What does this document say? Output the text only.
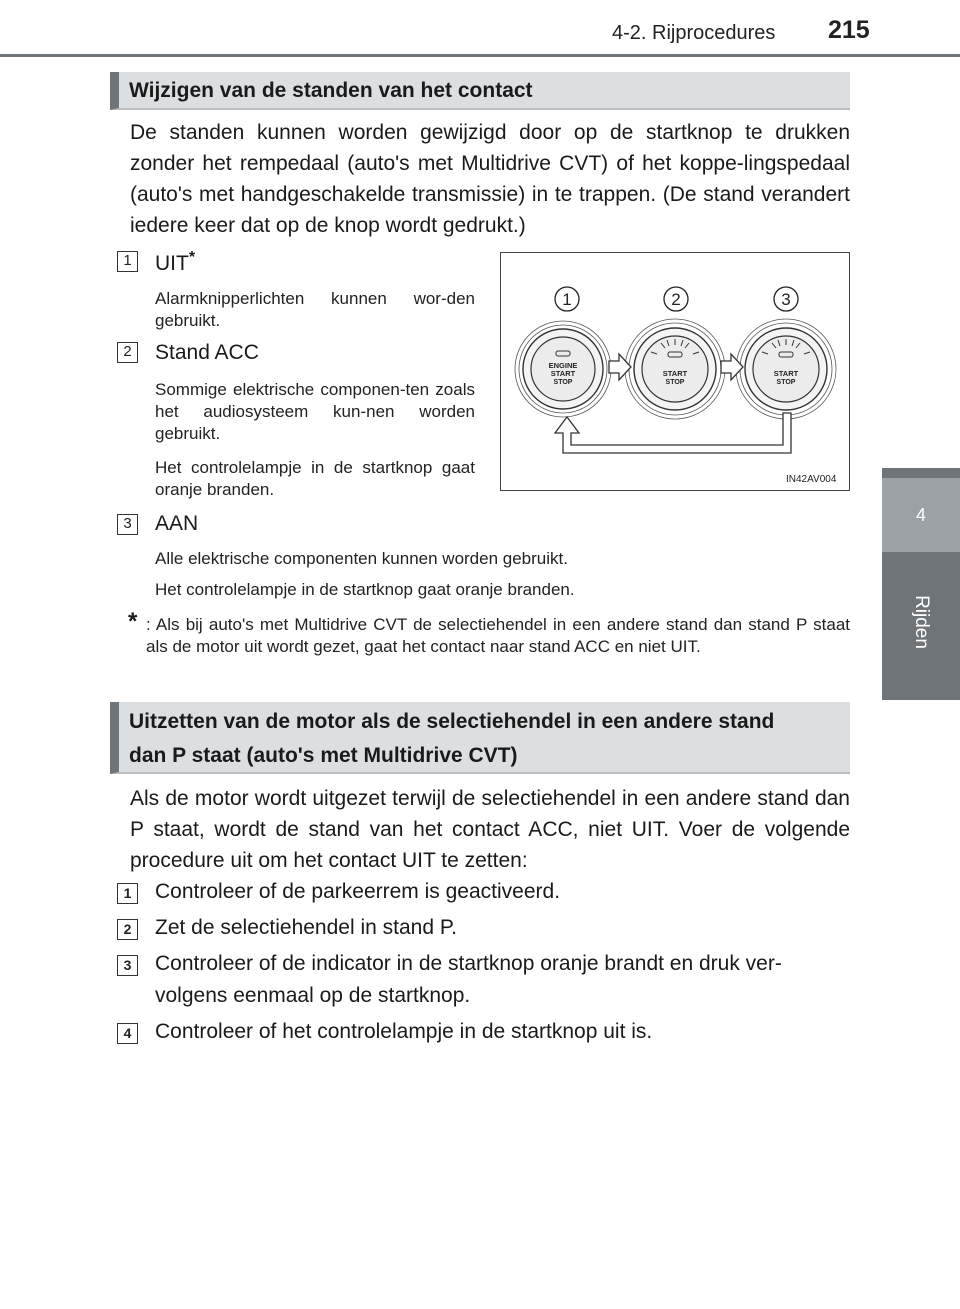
4-2. Rijprocedures 215
4
Rijden
Wijzigen van de standen van het contact
De standen kunnen worden gewijzigd door op de startknop te drukken zonder het rempedaal (auto's met Multidrive CVT) of het koppe-lingspedaal (auto's met handgeschakelde transmissie) in te trappen. (De stand verandert iedere keer dat op de knop wordt gedrukt.)
1	UIT*
Alarmknipperlichten kunnen wor-den gebruikt.
2	Stand ACC
Sommige elektrische componen-ten zoals het audiosysteem kun-nen worden gebruikt.
Het controlelampje in de startknop gaat oranje branden.
3	AAN
Alle elektrische componenten kunnen worden gebruikt.
Het controlelampje in de startknop gaat oranje branden.
1	2	3
ENGINE
START
STOP
START
STOP
START
STOP
IN42AV004
* : Als bij auto's met Multidrive CVT de selectiehendel in een andere stand dan stand P staat als de motor uit wordt gezet, gaat het contact naar stand ACC en niet UIT.
Uitzetten van de motor als de selectiehendel in een andere stand
dan P staat (auto's met Multidrive CVT)
Als de motor wordt uitgezet terwijl de selectiehendel in een andere stand dan P staat, wordt de stand van het contact ACC, niet UIT. Voer de volgende procedure uit om het contact UIT te zetten:
1	Controleer of de parkeerrem is geactiveerd.
2	Zet de selectiehendel in stand P.
3	Controleer of de indicator in de startknop oranje brandt en druk ver-volgens eenmaal op de startknop.
4	Controleer of het controlelampje in de startknop uit is.
